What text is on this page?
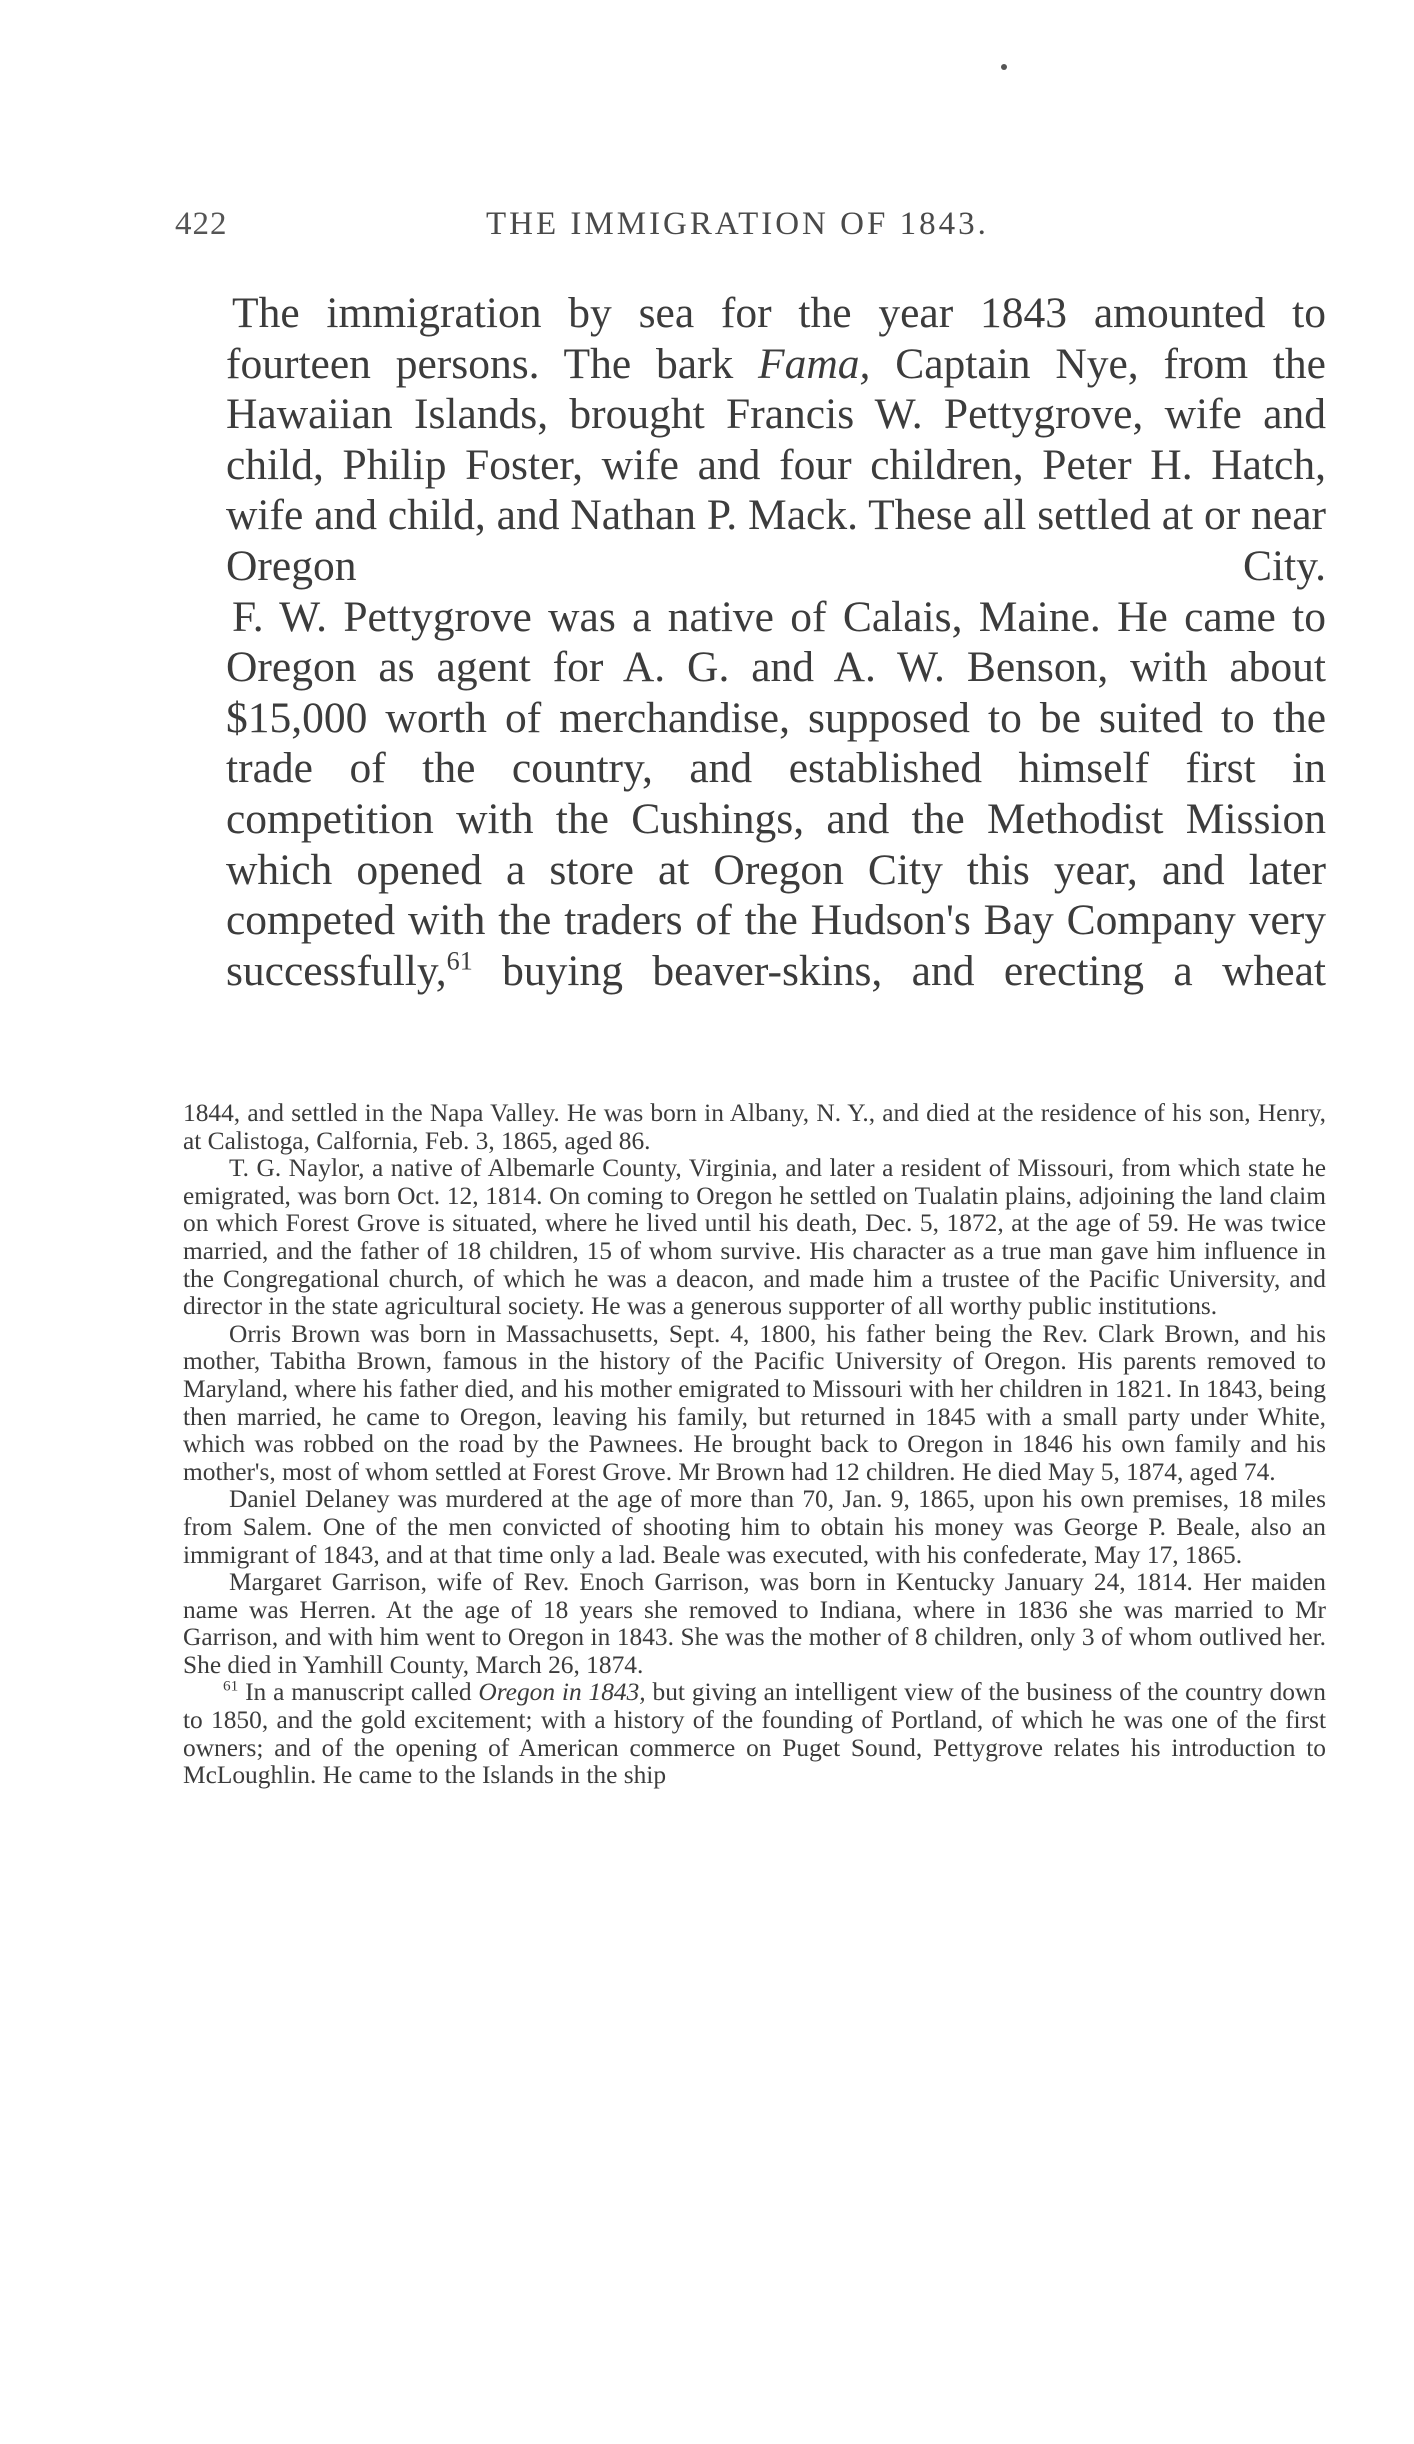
422	THE IMMIGRATION OF 1843.

The immigration by sea for the year 1843 amounted to fourteen persons. The bark Fama, Captain Nye, from the Hawaiian Islands, brought Francis W. Pettygrove, wife and child, Philip Foster, wife and four children, Peter H. Hatch, wife and child, and Nathan P. Mack. These all settled at or near Oregon City.

F. W. Pettygrove was a native of Calais, Maine. He came to Oregon as agent for A. G. and A. W. Benson, with about $15,000 worth of merchandise, supposed to be suited to the trade of the country, and established himself first in competition with the Cushings, and the Methodist Mission which opened a store at Oregon City this year, and later competed with the traders of the Hudson's Bay Company very successfully,$^{61}$ buying beaver-skins, and erecting a wheat

1844, and settled in the Napa Valley. He was born in Albany, N. Y., and died at the residence of his son, Henry, at Calistoga, Calfornia, Feb. 3, 1865, aged 86.

T. G. Naylor, a native of Albemarle County, Virginia, and later a resident of Missouri, from which state he emigrated, was born Oct. 12, 1814. On coming to Oregon he settled on Tualatin plains, adjoining the land claim on which Forest Grove is situated, where he lived until his death, Dec. 5, 1872, at the age of 59. He was twice married, and the father of 18 children, 15 of whom survive. His character as a true man gave him influence in the Congregational church, of which he was a deacon, and made him a trustee of the Pacific University, and director in the state agricultural society. He was a generous supporter of all worthy public institutions.

Orris Brown was born in Massachusetts, Sept. 4, 1800, his father being the Rev. Clark Brown, and his mother, Tabitha Brown, famous in the history of the Pacific University of Oregon. His parents removed to Maryland, where his father died, and his mother emigrated to Missouri with her children in 1821. In 1843, being then married, he came to Oregon, leaving his family, but returned in 1845 with a small party under White, which was robbed on the road by the Pawnees. He brought back to Oregon in 1846 his own family and his mother's, most of whom settled at Forest Grove. Mr Brown had 12 children. He died May 5, 1874, aged 74.

Daniel Delaney was murdered at the age of more than 70, Jan. 9, 1865, upon his own premises, 18 miles from Salem. One of the men convicted of shooting him to obtain his money was George P. Beale, also an immigrant of 1843, and at that time only a lad. Beale was executed, with his confederate, May 17, 1865.

Margaret Garrison, wife of Rev. Enoch Garrison, was born in Kentucky January 24, 1814. Her maiden name was Herren. At the age of 18 years she removed to Indiana, where in 1836 she was married to Mr Garrison, and with him went to Oregon in 1843. She was the mother of 8 children, only 3 of whom outlived her. She died in Yamhill County, March 26, 1874.

$^{61}$ In a manuscript called Oregon in 1843, but giving an intelligent view of the business of the country down to 1850, and the gold excitement; with a history of the founding of Portland, of which he was one of the first owners; and of the opening of American commerce on Puget Sound, Pettygrove relates his introduction to McLoughlin. He came to the Islands in the ship
